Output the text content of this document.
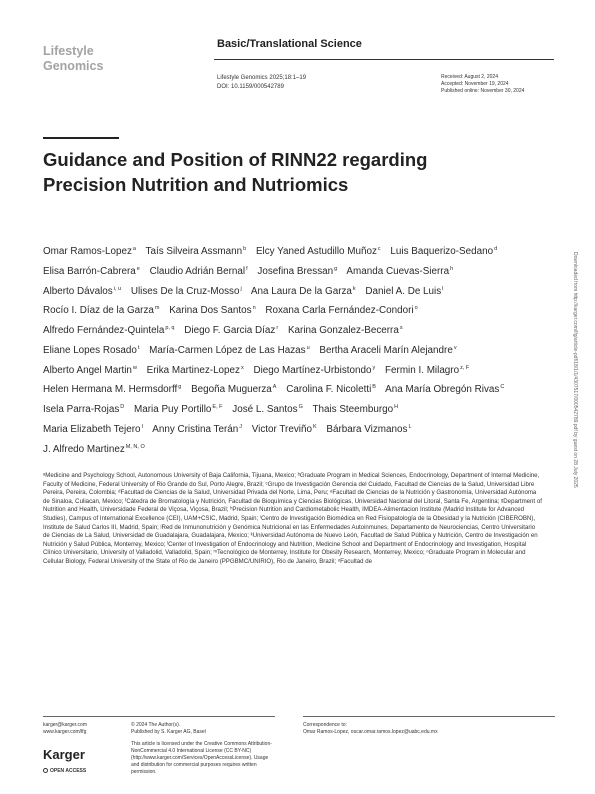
Lifestyle
Genomics
Basic/Translational Science
Lifestyle Genomics 2025;18:1–19
DOI: 10.1159/000542789
Received: August 2, 2024
Accepted: November 19, 2024
Published online: November 30, 2024
Guidance and Position of RINN22 regarding Precision Nutrition and Nutriomics
Omar Ramos-Lopez$^a$ Taís Silveira Assmann$^b$ Elcy Yaned Astudillo Muñoz$^c$ Luis Baquerizo-Sedano$^d$ Elisa Barrón-Cabrera$^e$ Claudio Adrián Bernal$^f$ Josefina Bressan$^g$ Amanda Cuevas-Sierra$^h$ Alberto Dávalos$^{i, u}$ Ulises De la Cruz-Mosso$^j$ Ana Laura De la Garza$^k$ Daniel A. De Luis$^l$ Rocío I. Díaz de la Garza$^m$ Karina Dos Santos$^n$ Roxana Carla Fernández-Condori$^o$ Alfredo Fernández-Quintela$^{p, q}$ Diego F. Garcia Díaz$^r$ Karina Gonzalez-Becerra$^s$ Eliane Lopes Rosado$^t$ María-Carmen López de Las Hazas$^u$ Bertha Araceli Marín Alejandre$^v$ Alberto Angel Martin$^w$ Erika Martinez-Lopez$^x$ Diego Martínez-Urbistondo$^y$ Fermin I. Milagro$^{z, F}$ Helen Hermana M. Hermsdorff$^g$ Begoña Muguerza$^A$ Carolina F. Nicoletti$^B$ Ana María Obregón Rivas$^C$ Isela Parra-Rojas$^D$ Maria Puy Portillo$^{E, F}$ José L. Santos$^G$ Thais Steemburgo$^H$ Maria Elizabeth Tejero$^I$ Anny Cristina Terán$^J$ Victor Treviño$^K$ Bárbara Vizmanos$^L$ J. Alfredo Martinez$^{M, N, O}$
ᵃMedicine and Psychology School, Autonomous University of Baja California, Tijuana, Mexico; ᵇGraduate Program in Medical Sciences, Endocrinology, Department of Internal Medicine, Faculty of Medicine, Federal University of Rio Grande do Sul, Porto Alegre, Brazil; ᶜGrupo de Investigación Gerencia del Cuidado, Facultad de Ciencias de la Salud, Universidad Libre Pereira, Pereira, Colombia; ᵈFacultad de Ciencias de la Salud, Universidad Privada del Norte, Lima, Peru; ᵉFacultad de Ciencias de la Nutrición y Gastronomía, Universidad Autónoma de Sinaloa, Culiacan, Mexico; ᶠCátedra de Bromatología y Nutrición, Facultad de Bioquímica y Ciencias Biológicas, Universidad Nacional del Litoral, Santa Fe, Argentina; ᵍDepartment of Nutrition and Health, Universidade Federal de Viçosa, Viçosa, Brazil; ʰPrecision Nutrition and Cardiometabolic Health, IMDEA-Alimentacion Institute (Madrid Institute for Advanced Studies), Campus of International Excellence (CEI), UAM+CSIC, Madrid, Spain; ⁱCentro de Investigación Biomédica en Red Fisiopatología de la Obesidad y la Nutrición (CIBEROBN), Institute de Salud Carlos III, Madrid, Spain; ʲRed de Inmunonutrición y Genómica Nutricional en las Enfermedades Autoinmunes, Departamento de Neurociencias, Centro Universitario de Ciencias de La Salud, Universidad de Guadalajara, Guadalajara, Mexico; ᵏUniversidad Autónoma de Nuevo León, Facultad de Salud Pública y Nutrición, Centro de Investigación en Nutrición y Salud Pública, Monterrey, Mexico; ˡCenter of Investigation of Endocrinology and Nutrition, Medicine School and Department of Endocrinology and Investigation, Hospital Clínico Universitario, University of Valladolid, Valladolid, Spain; ᵐTecnológico de Monterrey, Institute for Obesity Research, Monterrey, Mexico; ⁿGraduate Program in Molecular and Cellular Biology, Federal University of the State of Rio de Janeiro (PPGBMC/UNIRIO), Rio de Janeiro, Brazil; ᵒFacultad de
Downloaded from http://karger.com/lfg/article-pdf/18/1/1/4307517/000542789.pdf by guest on 28 July 2025
karger@karger.com
www.karger.com/lfg
© 2024 The Author(s).
Published by S. Karger AG, Basel
This article is licensed under the Creative Commons Attribution-NonCommercial 4.0 International License (CC BY-NC) (http://www.karger.com/Services/OpenAccessLicense). Usage and distribution for commercial purposes requires written permission.
Correspondence to:
Omar Ramos-Lopez, oscar.omar.ramos.lopez@uabc.edu.mx
Karger
OPEN ACCESS
